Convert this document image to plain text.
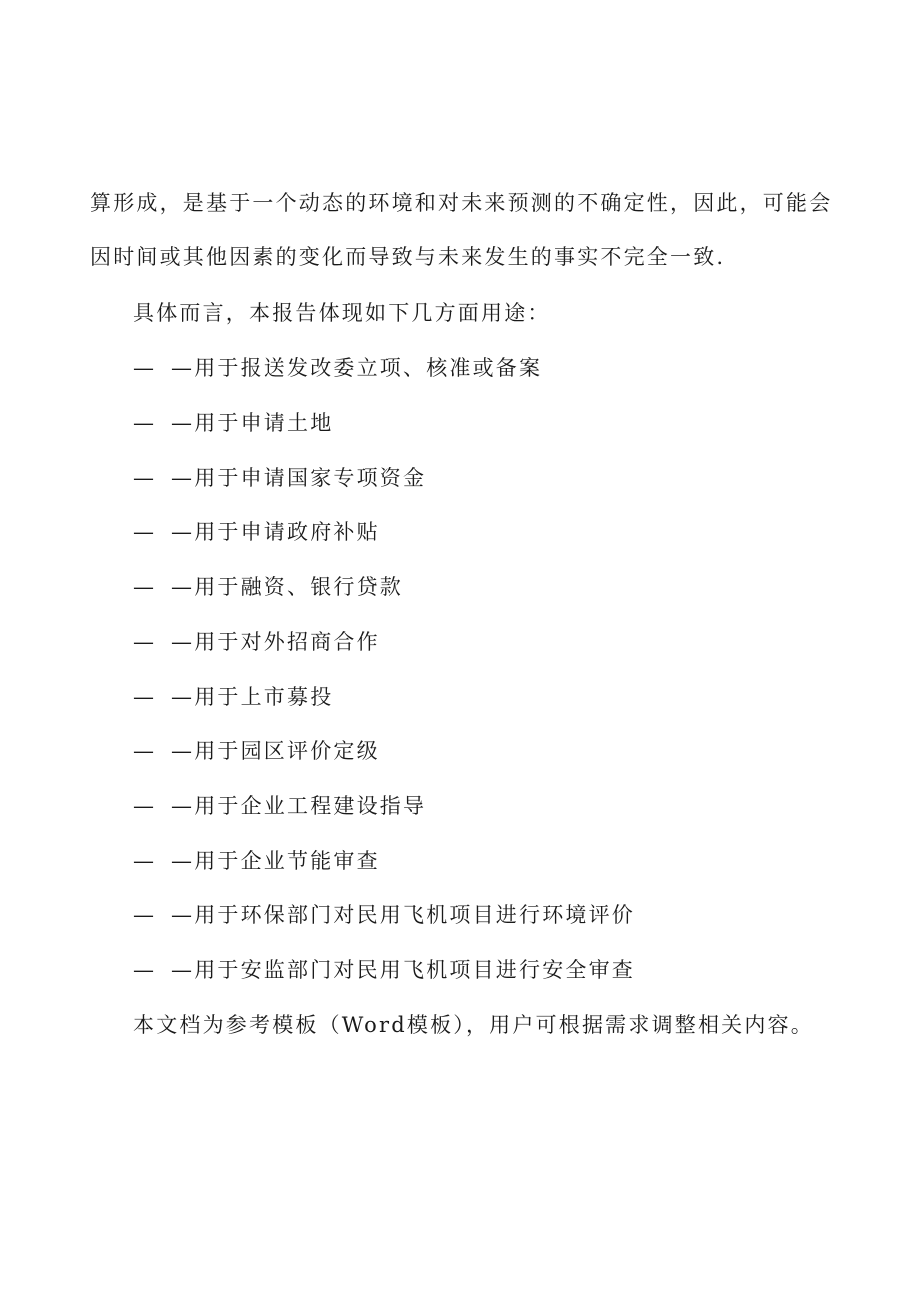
算形成，是基于一个动态的环境和对未来预测的不确定性，因此，可能会
因时间或其他因素的变化而导致与未来发生的事实不完全一致.
具体而言，本报告体现如下几方面用途：
— —用于报送发改委立项、核准或备案
— —用于申请土地
— —用于申请国家专项资金
— —用于申请政府补贴
— —用于融资、银行贷款
— —用于对外招商合作
— —用于上市募投
— —用于园区评价定级
— —用于企业工程建设指导
— —用于企业节能审查
— —用于环保部门对民用飞机项目进行环境评价
— —用于安监部门对民用飞机项目进行安全审查
本文档为参考模板（Word模板），用户可根据需求调整相关内容。
